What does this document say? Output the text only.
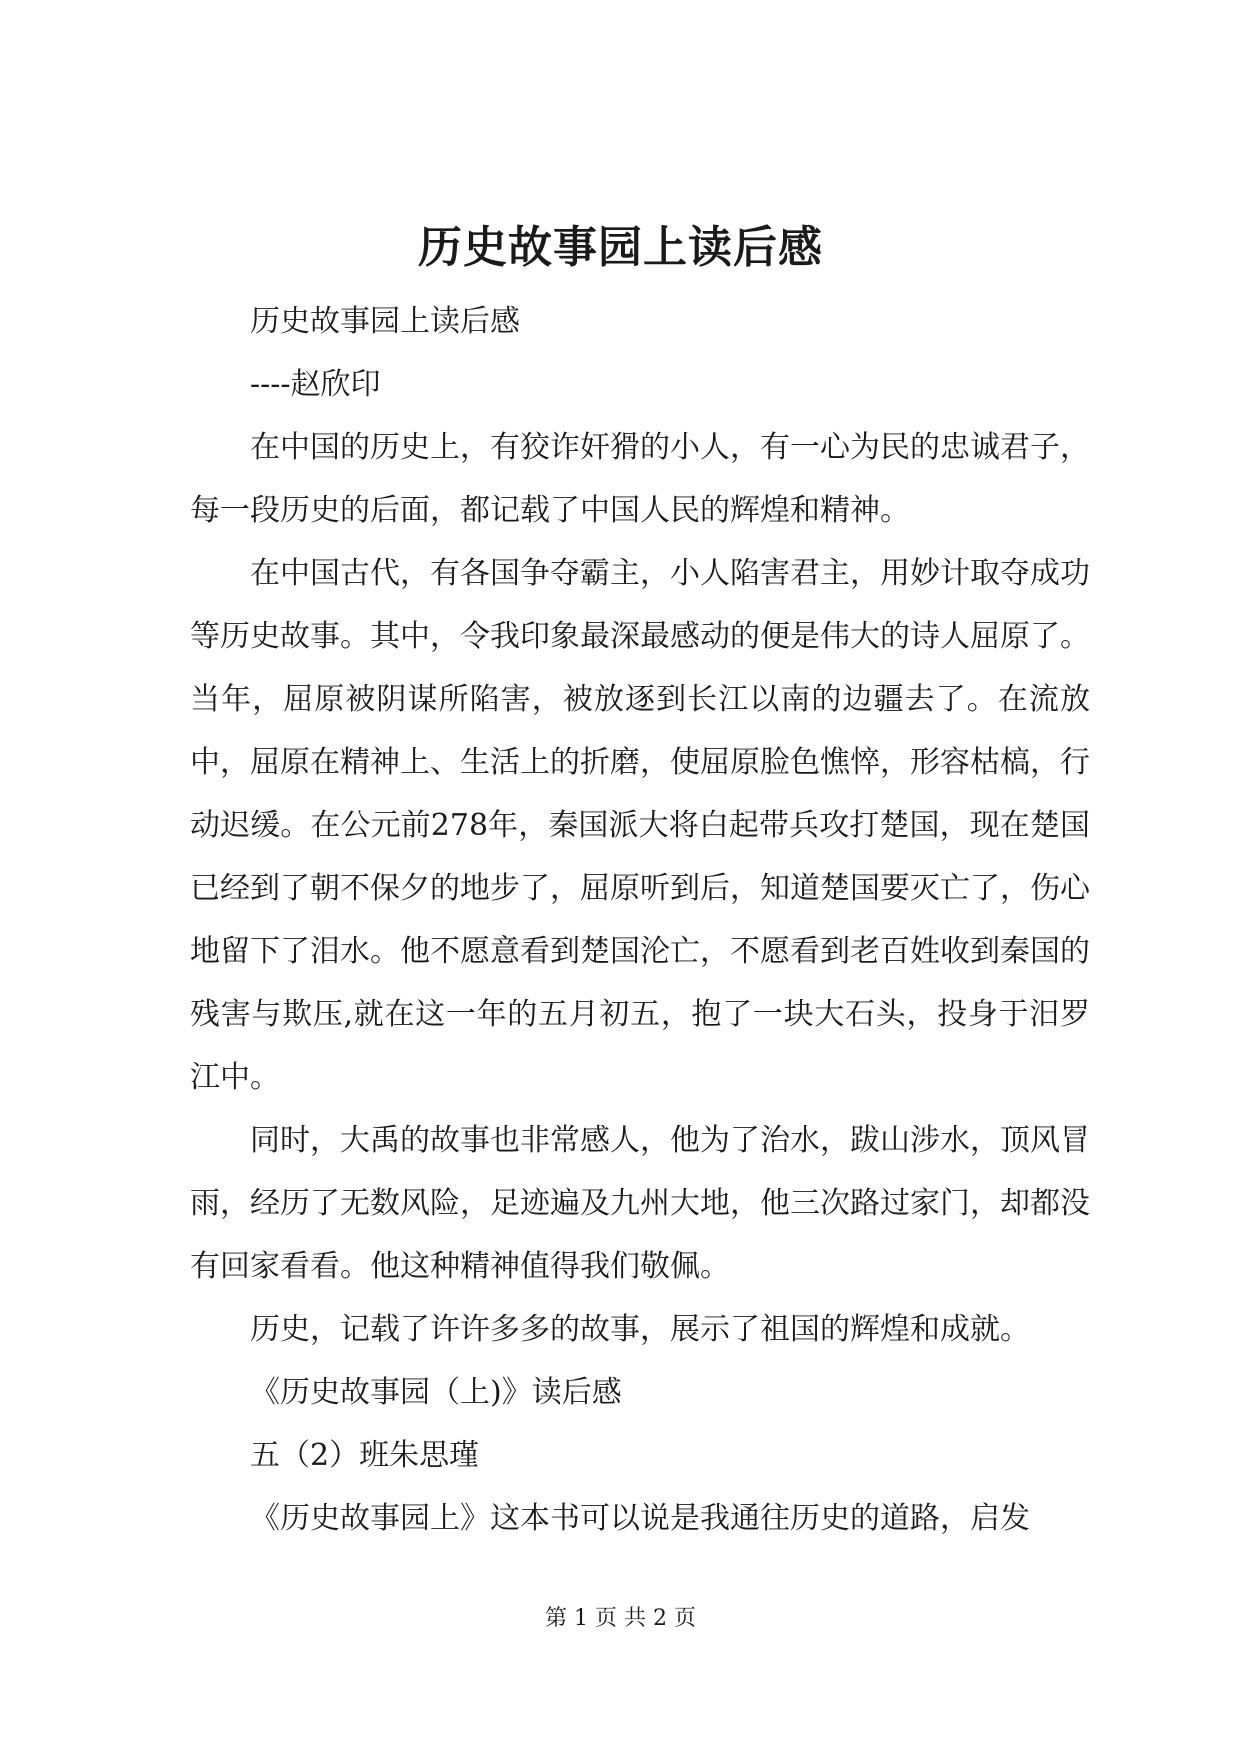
历史故事园上读后感

历史故事园上读后感

----赵欣印

在中国的历史上，有狡诈奸猾的小人，有一心为民的忠诚君子，每一段历史的后面，都记载了中国人民的辉煌和精神。

在中国古代，有各国争夺霸主，小人陷害君主，用妙计取夺成功等历史故事。其中，令我印象最深最感动的便是伟大的诗人屈原了。当年，屈原被阴谋所陷害，被放逐到长江以南的边疆去了。在流放中，屈原在精神上、生活上的折磨，使屈原脸色憔悴，形容枯槁，行动迟缓。在公元前278年，秦国派大将白起带兵攻打楚国，现在楚国已经到了朝不保夕的地步了，屈原听到后，知道楚国要灭亡了，伤心地留下了泪水。他不愿意看到楚国沦亡，不愿看到老百姓收到秦国的残害与欺压,就在这一年的五月初五，抱了一块大石头，投身于汨罗江中。

同时，大禹的故事也非常感人，他为了治水，跋山涉水，顶风冒雨，经历了无数风险，足迹遍及九州大地，他三次路过家门，却都没有回家看看。他这种精神值得我们敬佩。

历史，记载了许许多多的故事，展示了祖国的辉煌和成就。

《历史故事园（上)》读后感

五（2）班朱思瑾

《历史故事园上》这本书可以说是我通往历史的道路，启发

第 1 页 共 2 页
